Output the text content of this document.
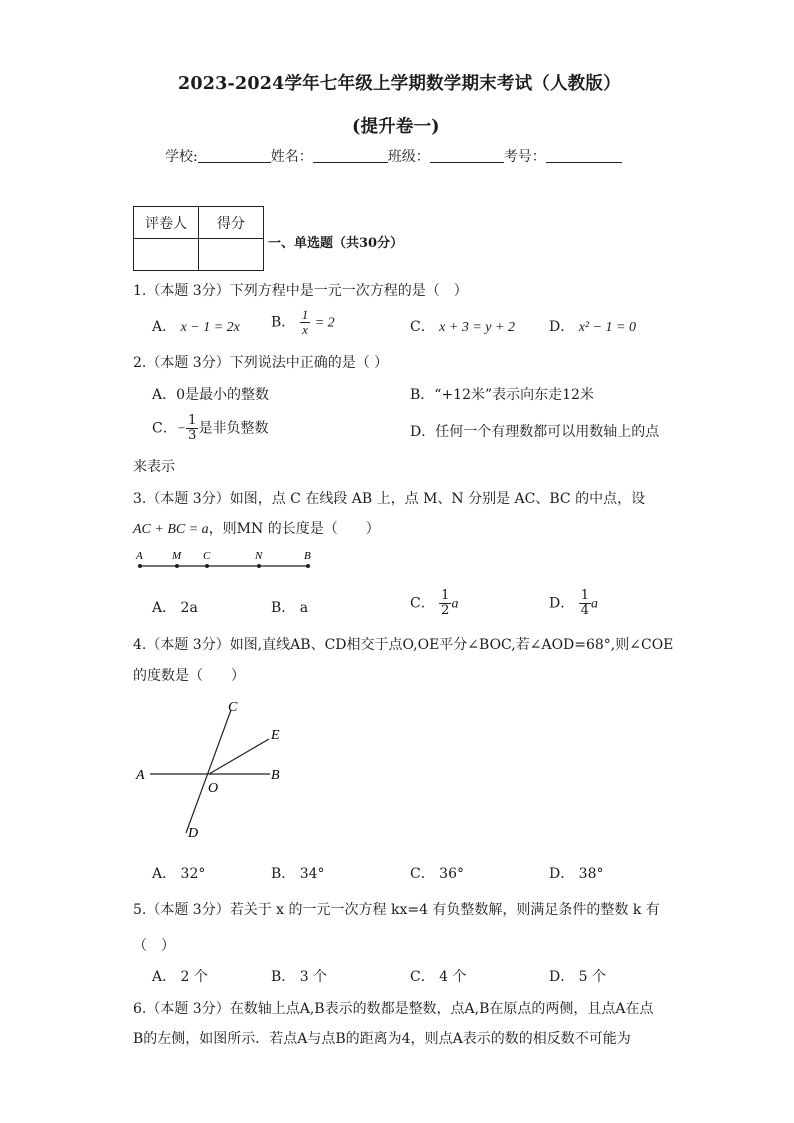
2023-2024学年七年级上学期数学期末考试（人教版）
(提升卷一)
学校:	姓名：	班级：	考号：
评卷人	得分

一、单选题（共30分）
1.（本题 3分）下列方程中是一元一次方程的是（　）
A． x − 1 = 2x B． $\frac{1}{x} = 2$	C． x + 3 = y + 2 D． x² − 1 = 0
2.（本题 3分）下列说法中正确的是（ ）
A．0是最小的整数	B．“+12米”表示向东走12米
C．− $\frac{1}{3}$ 是非负整数	D．任何一个有理数都可以用数轴上的点
来表示
3.（本题 3分）如图，点 C 在线段 AB 上，点 M、N 分别是 AC、BC 的中点，设
AC + BC = a，则MN 的长度是（　　）
A	M C	N	B
A． 2a	B． a	C． $\frac{1}{2}$ a	D． $\frac{1}{4}$ a
4.（本题 3分）如图,直线AB、CD相交于点O,OE平分∠BOC,若∠AOD=68°,则∠COE
的度数是（　　）
C
E
A	B
O
D
A． 32°	B． 34°	C． 36°	D． 38°
5.（本题 3分）若关于 x 的一元一次方程 kx=4 有负整数解，则满足条件的整数 k 有
（　）
A． 2 个	B． 3 个	C． 4 个	D． 5 个
6.（本题 3分）在数轴上点A,B表示的数都是整数，点A,B在原点的两侧，且点A在点
B的左侧，如图所示．若点A与点B的距离为4，则点A表示的数的相反数不可能为
